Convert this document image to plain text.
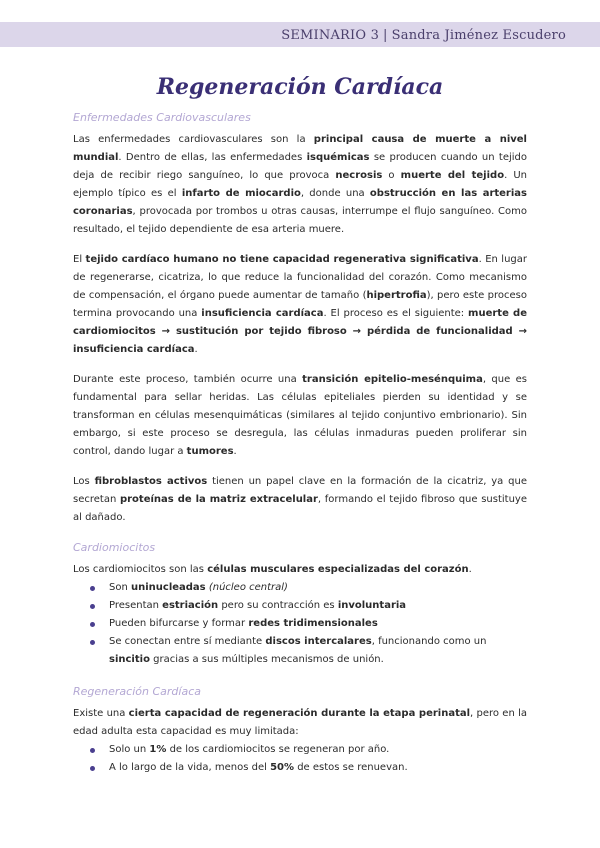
SEMINARIO 3 | Sandra Jiménez Escudero
Regeneración Cardíaca
Enfermedades Cardiovasculares

Las enfermedades cardiovasculares son la principal causa de muerte a nivel mundial. Dentro de ellas, las enfermedades isquémicas se producen cuando un tejido deja de recibir riego sanguíneo, lo que provoca necrosis o muerte del tejido. Un ejemplo típico es el infarto de miocardio, donde una obstrucción en las arterias coronarias, provocada por trombos u otras causas, interrumpe el flujo sanguíneo. Como resultado, el tejido dependiente de esa arteria muere.

El tejido cardíaco humano no tiene capacidad regenerativa significativa. En lugar de regenerarse, cicatriza, lo que reduce la funcionalidad del corazón. Como mecanismo de compensación, el órgano puede aumentar de tamaño (hipertrofia), pero este proceso termina provocando una insuficiencia cardíaca. El proceso es el siguiente: muerte de cardiomiocitos → sustitución por tejido fibroso → pérdida de funcionalidad → insuficiencia cardíaca.

Durante este proceso, también ocurre una transición epitelio-mesénquima, que es fundamental para sellar heridas. Las células epiteliales pierden su identidad y se transforman en células mesenquimáticas (similares al tejido conjuntivo embrionario). Sin embargo, si este proceso se desregula, las células inmaduras pueden proliferar sin control, dando lugar a tumores.

Los fibroblastos activos tienen un papel clave en la formación de la cicatriz, ya que secretan proteínas de la matriz extracelular, formando el tejido fibroso que sustituye al dañado.

Cardiomiocitos

Los cardiomiocitos son las células musculares especializadas del corazón.

Son uninucleadas (núcleo central)
Presentan estriación pero su contracción es involuntaria
Pueden bifurcarse y formar redes tridimensionales
Se conectan entre sí mediante discos intercalares, funcionando como un sincitio gracias a sus múltiples mecanismos de unión.
Regeneración Cardíaca

Existe una cierta capacidad de regeneración durante la etapa perinatal, pero en la edad adulta esta capacidad es muy limitada:

Solo un 1% de los cardiomiocitos se regeneran por año.
A lo largo de la vida, menos del 50% de estos se renuevan.
